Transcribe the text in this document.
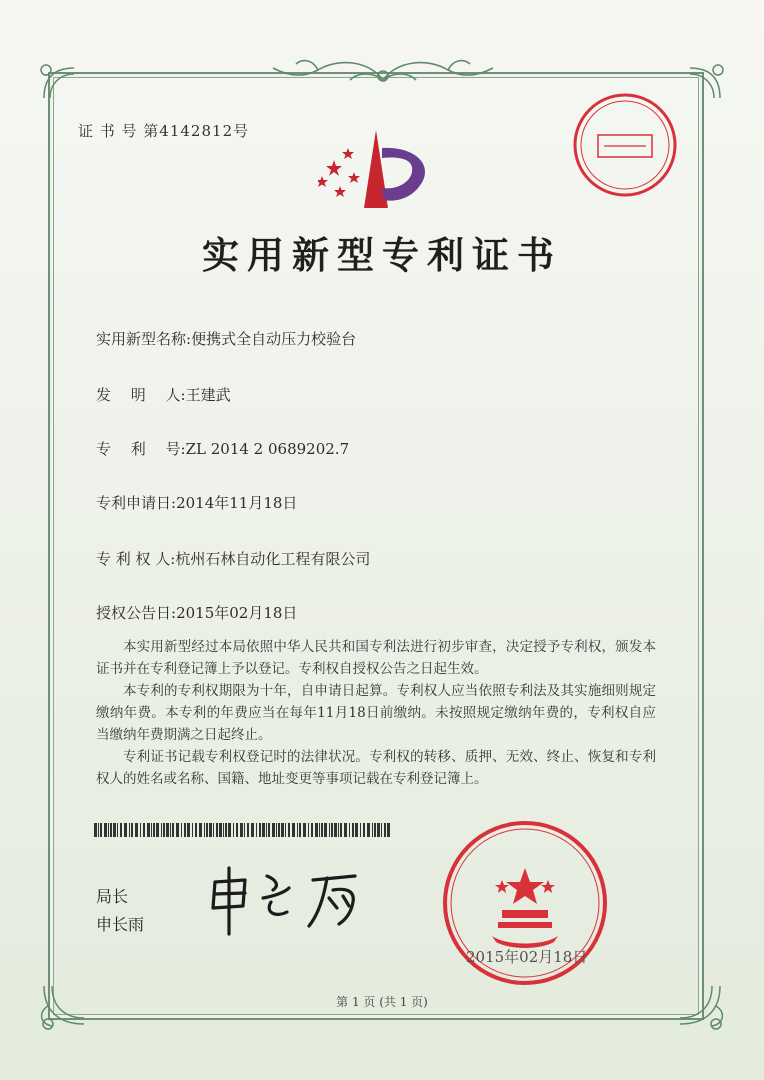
证 书 号 第4142812号
实用新型专利证书
实用新型名称:便携式全自动压力校验台
发　 明　 人:王建武
专　 利　 号:ZL 2014 2 0689202.7
专利申请日:2014年11月18日
专 利 权 人:杭州石林自动化工程有限公司
授权公告日:2015年02月18日

本实用新型经过本局依照中华人民共和国专利法进行初步审查，决定授予专利权，颁发本证书并在专利登记簿上予以登记。专利权自授权公告之日起生效。

本专利的专利权期限为十年，自申请日起算。专利权人应当依照专利法及其实施细则规定缴纳年费。本专利的年费应当在每年11月18日前缴纳。未按照规定缴纳年费的，专利权自应当缴纳年费期满之日起终止。

专利证书记载专利权登记时的法律状况。专利权的转移、质押、无效、终止、恢复和专利权人的姓名或名称、国籍、地址变更等事项记载在专利登记簿上。

局长
申长雨
2015年02月18日
第 1 页 (共 1 页)
